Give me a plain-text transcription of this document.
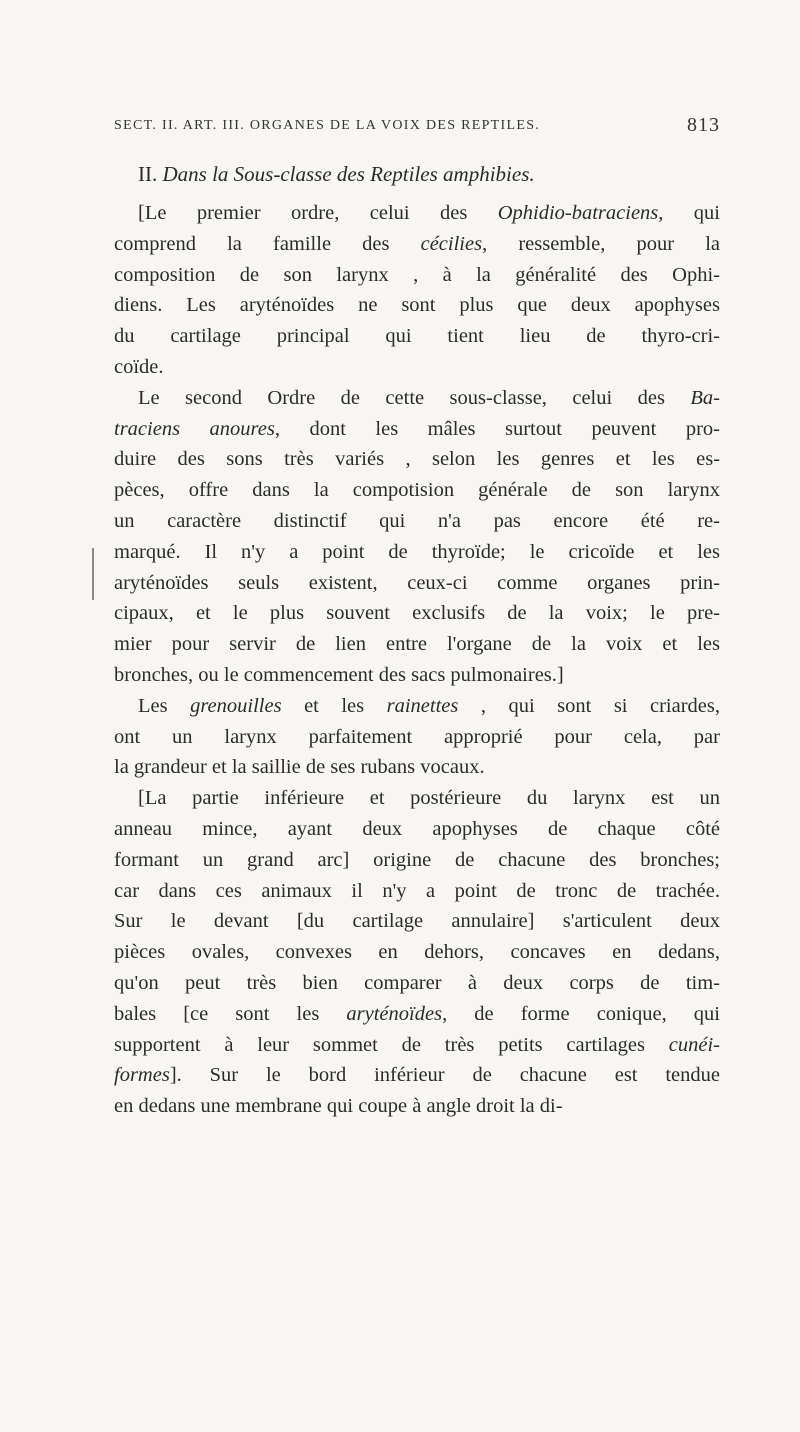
SECT. II. ART. III. ORGANES DE LA VOIX DES REPTILES.	813
II. Dans la Sous-classe des Reptiles amphibies.
[Le premier ordre, celui des Ophidio-batraciens, qui
comprend la famille des cécilies, ressemble, pour la
composition de son larynx , à la généralité des Ophi-
diens. Les aryténoïdes ne sont plus que deux apophyses
du cartilage principal qui tient lieu de thyro-cri-
coïde.
Le second Ordre de cette sous-classe, celui des Ba-
traciens anoures, dont les mâles surtout peuvent pro-
duire des sons très variés , selon les genres et les es-
pèces, offre dans la compotision générale de son larynx
un caractère distinctif qui n'a pas encore été re-
marqué. Il n'y a point de thyroïde; le cricoïde et les
aryténoïdes seuls existent, ceux-ci comme organes prin-
cipaux, et le plus souvent exclusifs de la voix; le pre-
mier pour servir de lien entre l'organe de la voix et les
bronches, ou le commencement des sacs pulmonaires.]
Les grenouilles et les rainettes , qui sont si criardes,
ont un larynx parfaitement approprié pour cela, par
la grandeur et la saillie de ses rubans vocaux.
[La partie inférieure et postérieure du larynx est un
anneau mince, ayant deux apophyses de chaque côté
formant un grand arc] origine de chacune des bronches;
car dans ces animaux il n'y a point de tronc de trachée.
Sur le devant [du cartilage annulaire] s'articulent deux
pièces ovales, convexes en dehors, concaves en dedans,
qu'on peut très bien comparer à deux corps de tim-
bales [ce sont les aryténoïdes, de forme conique, qui
supportent à leur sommet de très petits cartilages cunéi-
formes]. Sur le bord inférieur de chacune est tendue
en dedans une membrane qui coupe à angle droit la di-
